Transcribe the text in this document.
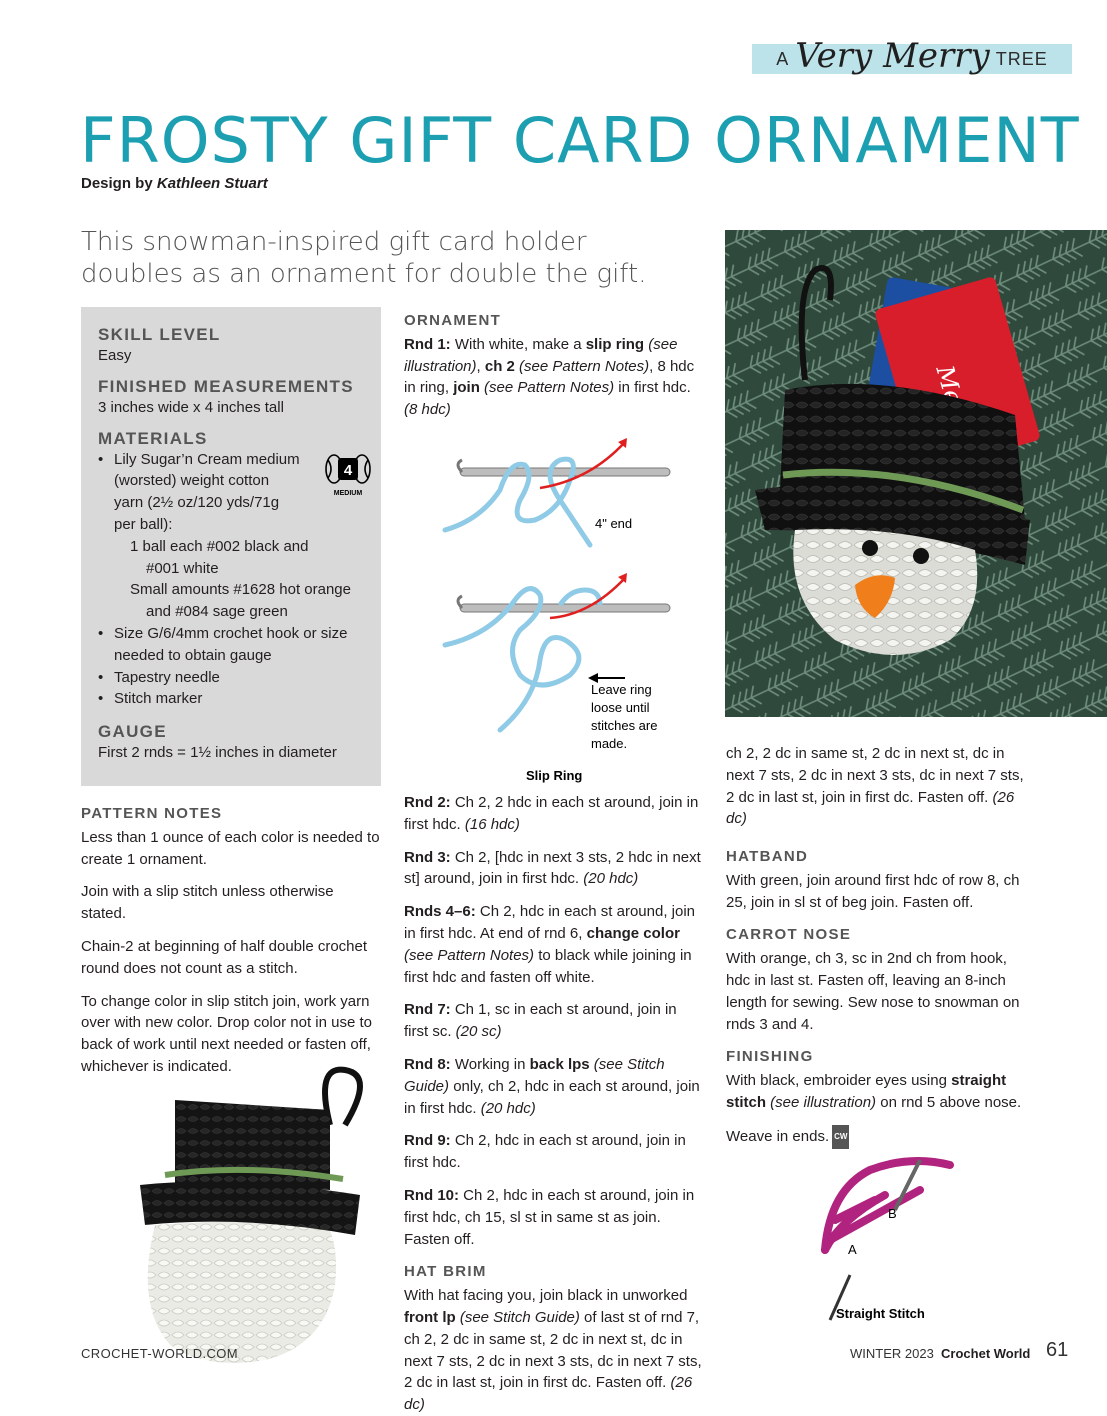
A Very Merry TREE
FROSTY GIFT CARD ORNAMENT
Design by Kathleen Stuart
This snowman-inspired gift card holder doubles as an ornament for double the gift.

SKILL LEVEL

Easy

FINISHED MEASUREMENTS

3 inches wide x 4 inches tall

MATERIALS

• Lily Sugar’n Cream medium
(worsted) weight cotton
yarn (2½ oz/120 yds/71g
per ball):
1 ball each #002 black and
#001 white
Small amounts #1628 hot orange
and #084 sage green
• Size G/6/4mm crochet hook or size
needed to obtain gauge
• Tapestry needle
• Stitch marker

GAUGE

First 2 rnds = 1½ inches in diameter

4
MEDIUM

PATTERN NOTES

Less than 1 ounce of each color is needed to create 1 ornament.

Join with a slip stitch unless otherwise stated.

Chain-2 at beginning of half double crochet round does not count as a stitch.

To change color in slip stitch join, work yarn over with new color. Drop color not in use to back of work until next needed or fasten off, whichever is indicated.

ORNAMENT

Rnd 1: With white, make a slip ring (see illustration), ch 2 (see Pattern Notes), 8 hdc in ring, join (see Pattern Notes) in first hdc. (8 hdc)

4" end
Leave ring
loose until
stitches are
made.
Slip Ring

Rnd 2: Ch 2, 2 hdc in each st around, join in first hdc. (16 hdc)

Rnd 3: Ch 2, [hdc in next 3 sts, 2 hdc in next st] around, join in first hdc. (20 hdc)

Rnds 4–6: Ch 2, hdc in each st around, join in first hdc. At end of rnd 6, change color (see Pattern Notes) to black while joining in first hdc and fasten off white.

Rnd 7: Ch 1, sc in each st around, join in first sc. (20 sc)

Rnd 8: Working in back lps (see Stitch Guide) only, ch 2, hdc in each st around, join in first hdc. (20 hdc)

Rnd 9: Ch 2, hdc in each st around, join in first hdc.

Rnd 10: Ch 2, hdc in each st around, join in first hdc, ch 15, sl st in same st as join. Fasten off.

HAT BRIM

With hat facing you, join black in unworked front lp (see Stitch Guide) of last st of rnd 7, ch 2, 2 dc in same st, 2 dc in next st, dc in next 7 sts, 2 dc in next 3 sts, dc in next 7 sts, 2 dc in last st, join in first dc. Fasten off. (26 dc)

HATBAND

With green, join around first hdc of row 8, ch 25, join in sl st of beg join. Fasten off.

CARROT NOSE

With orange, ch 3, sc in 2nd ch from hook, hdc in last st. Fasten off, leaving an 8-inch length for sewing. Sew nose to snowman on rnds 3 and 4.

FINISHING

With black, embroider eyes using straight stitch (see illustration) on rnd 5 above nose.

Weave in ends. CW

ch 2, 2 dc in same st, 2 dc in next st, dc in next 7 sts, 2 dc in next 3 sts, dc in next 7 sts, 2 dc in last st, join in first dc. Fasten off. (26 dc)
B
A
Straight Stitch
CROCHET-WORLD.COM	WINTER 2023 Crochet World 61
